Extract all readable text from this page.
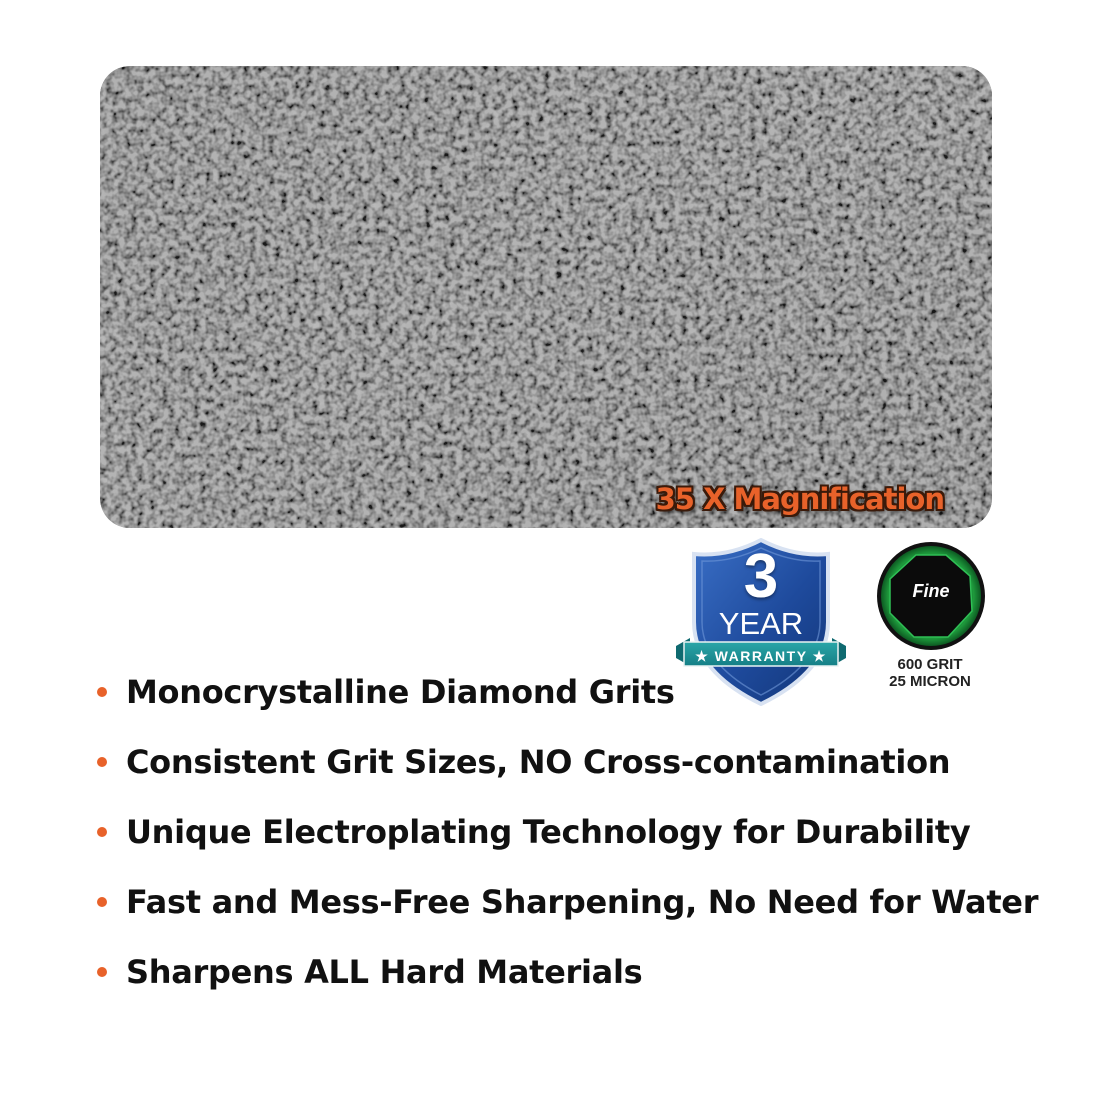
35 X Magnification
3
YEAR
★ WARRANTY ★
Fine
600 GRIT
25 MICRON
Monocrystalline Diamond Grits
Consistent Grit Sizes, NO Cross-contamination
Unique Electroplating Technology for Durability
Fast and Mess-Free Sharpening, No Need for Water
Sharpens ALL Hard Materials
